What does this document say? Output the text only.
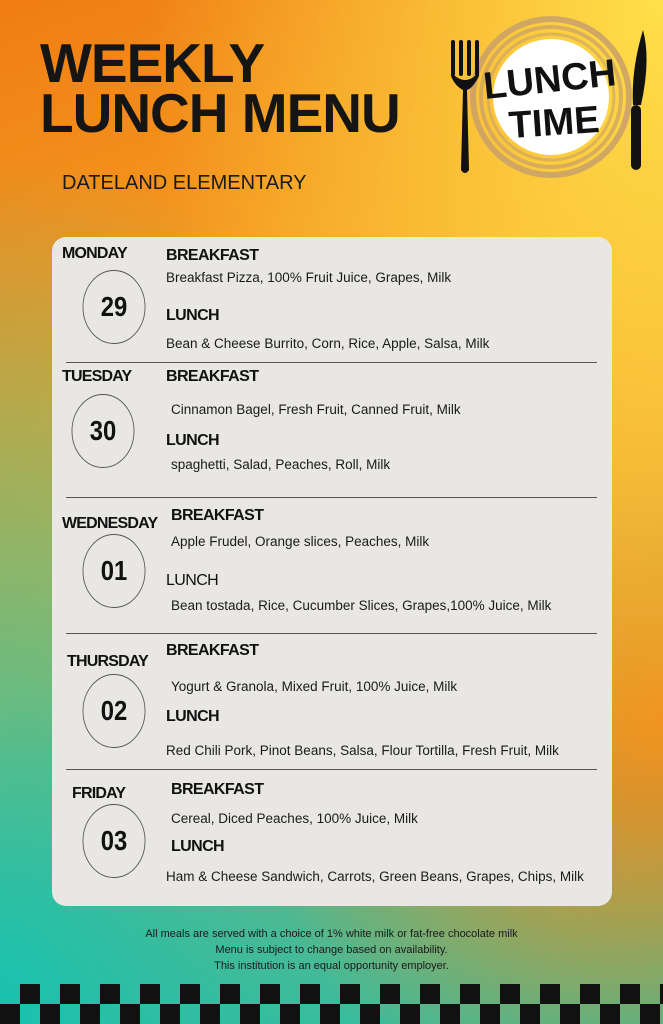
WEEKLY
LUNCH MENU
DATELAND ELEMENTARY
LUNCH
TIME
MONDAY
29
BREAKFAST
Breakfast Pizza, 100% Fruit Juice, Grapes, Milk
LUNCH
Bean & Cheese Burrito, Corn, Rice, Apple, Salsa, Milk
TUESDAY
30
BREAKFAST
Cinnamon Bagel, Fresh Fruit, Canned Fruit, Milk
LUNCH
spaghetti, Salad, Peaches, Roll, Milk
WEDNESDAY
01
BREAKFAST
Apple Frudel, Orange slices, Peaches, Milk
LUNCH
Bean tostada, Rice, Cucumber Slices, Grapes,100% Juice, Milk
THURSDAY
02
BREAKFAST
Yogurt & Granola, Mixed Fruit, 100% Juice, Milk
LUNCH
Red Chili Pork, Pinot Beans, Salsa, Flour Tortilla, Fresh Fruit, Milk
FRIDAY
03
BREAKFAST
Cereal, Diced Peaches, 100% Juice, Milk
LUNCH
Ham & Cheese Sandwich, Carrots, Green Beans, Grapes, Chips, Milk
All meals are served with a choice of 1% white milk or fat-free chocolate milk
Menu is subject to change based on availability.
This institution is an equal opportunity employer.
